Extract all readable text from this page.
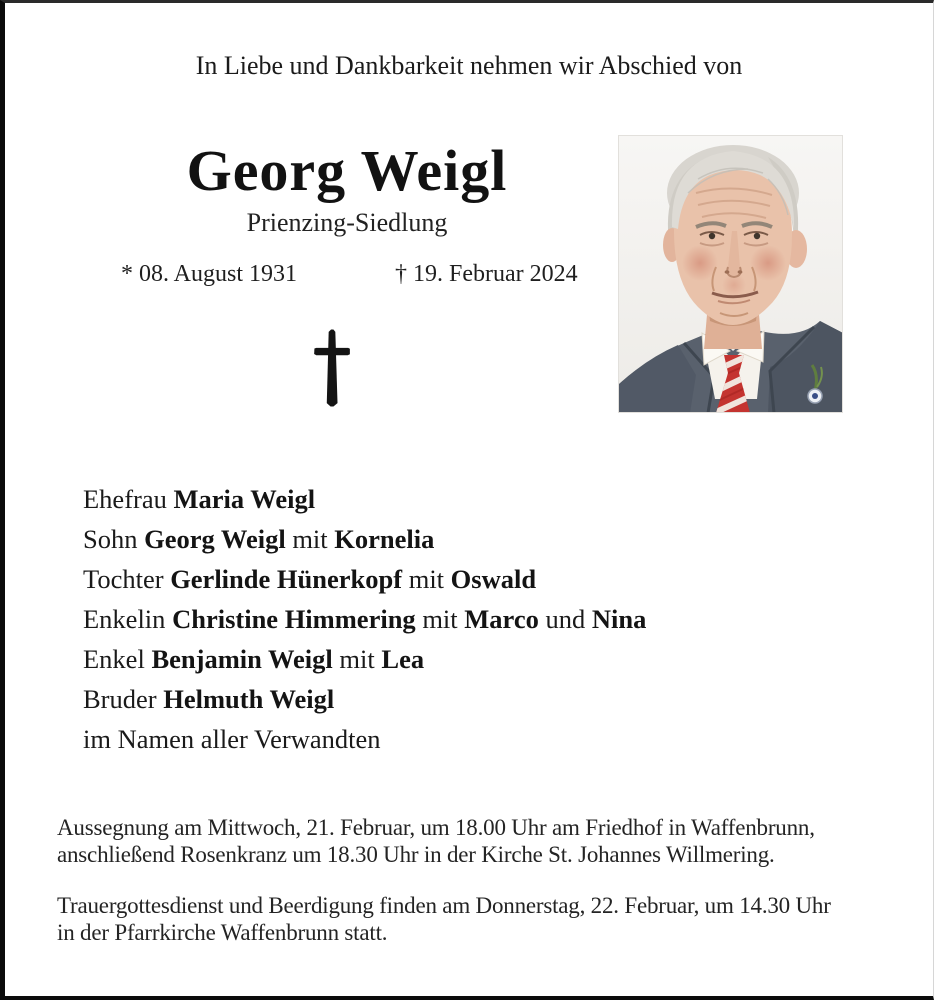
In Liebe und Dankbarkeit nehmen wir Abschied von
Georg Weigl
Prienzing-Siedlung
* 08. August 1931	† 19. Februar 2024
Ehefrau Maria Weigl
Sohn Georg Weigl mit Kornelia
Tochter Gerlinde Hünerkopf mit Oswald
Enkelin Christine Himmering mit Marco und Nina
Enkel Benjamin Weigl mit Lea
Bruder Helmuth Weigl
im Namen aller Verwandten
Aussegnung am Mittwoch, 21. Februar, um 18.00 Uhr am Friedhof in Waffenbrunn,
anschließend Rosenkranz um 18.30 Uhr in der Kirche St. Johannes Willmering.
Trauergottesdienst und Beerdigung finden am Donnerstag, 22. Februar, um 14.30 Uhr
in der Pfarrkirche Waffenbrunn statt.
